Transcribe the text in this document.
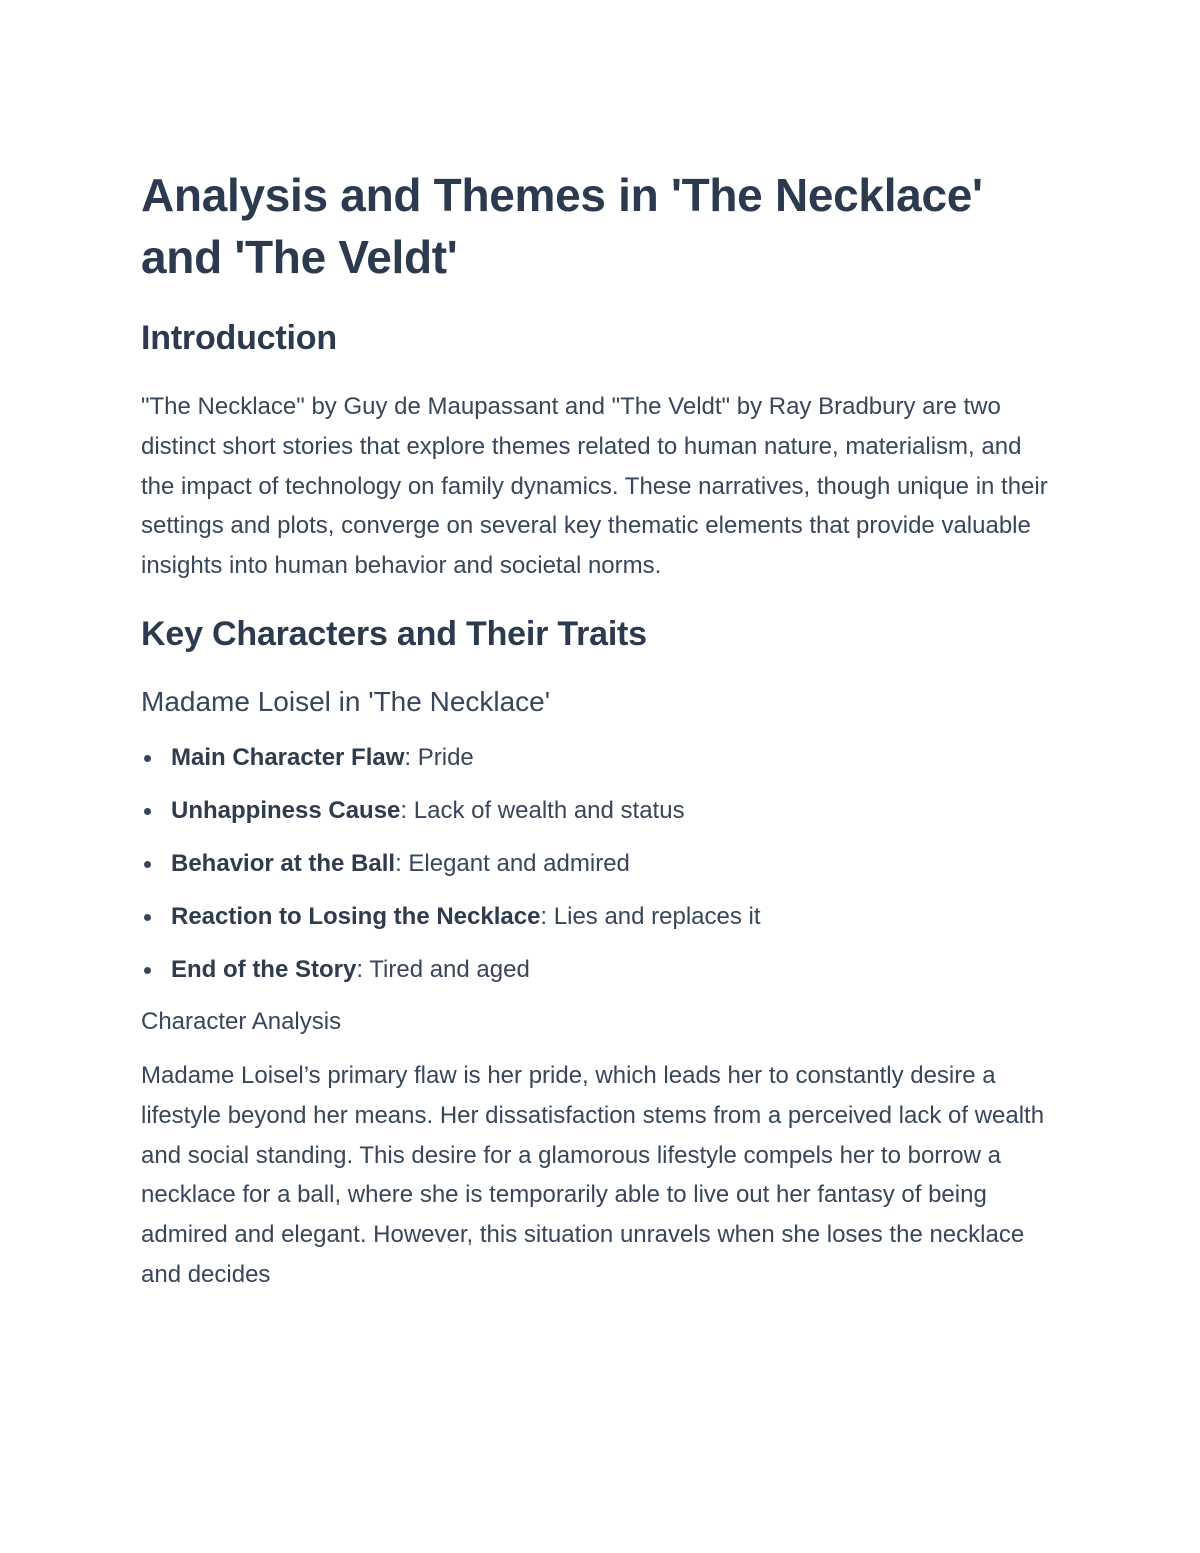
Analysis and Themes in 'The Necklace' and 'The Veldt'
Introduction

"The Necklace" by Guy de Maupassant and "The Veldt" by Ray Bradbury are two distinct short stories that explore themes related to human nature, materialism, and the impact of technology on family dynamics. These narratives, though unique in their settings and plots, converge on several key thematic elements that provide valuable insights into human behavior and societal norms.

Key Characters and Their Traits
Madame Loisel in 'The Necklace'
Main Character Flaw: Pride
Unhappiness Cause: Lack of wealth and status
Behavior at the Ball: Elegant and admired
Reaction to Losing the Necklace: Lies and replaces it
End of the Story: Tired and aged
Character Analysis

Madame Loisel’s primary flaw is her pride, which leads her to constantly desire a lifestyle beyond her means. Her dissatisfaction stems from a perceived lack of wealth and social standing. This desire for a glamorous lifestyle compels her to borrow a necklace for a ball, where she is temporarily able to live out her fantasy of being admired and elegant. However, this situation unravels when she loses the necklace and decides
